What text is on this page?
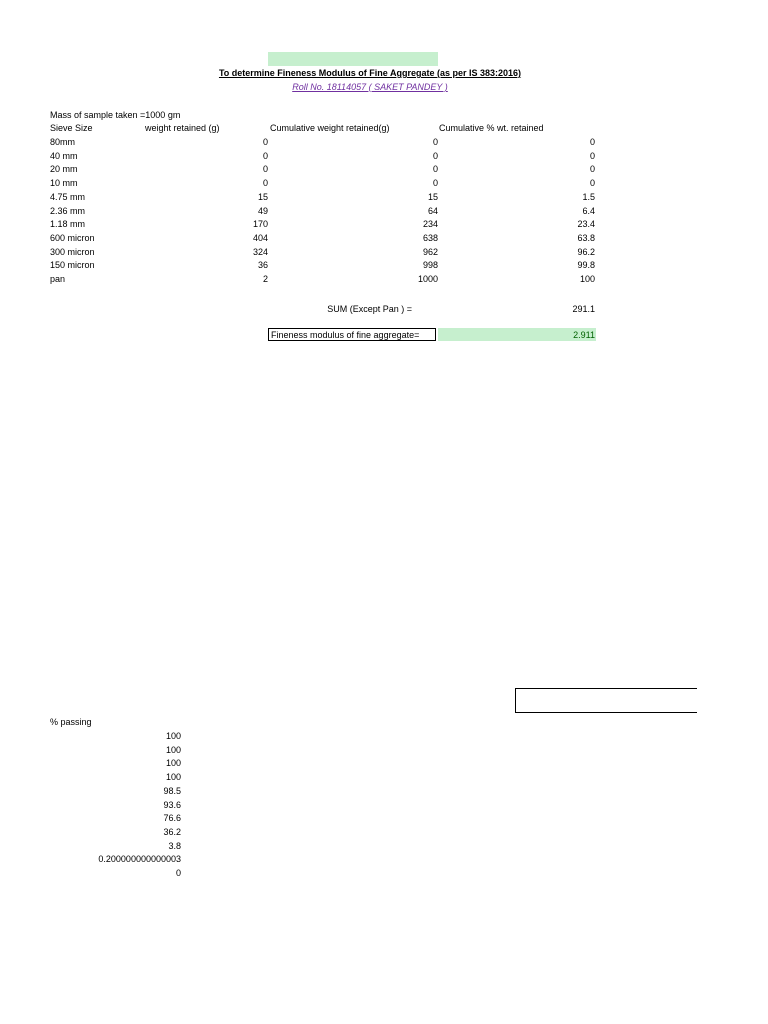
To determine Fineness Modulus of Fine Aggregate (as per IS 383:2016)
Roll No. 18114057 ( SAKET PANDEY )
Mass of sample taken =1000 gm
Sieve Size	weight retained (g)	Cumulative weight retained(g)	Cumulative % wt. retained
80mm	0	0	0
40 mm	0	0	0
20 mm	0	0	0
10 mm	0	0	0
4.75 mm	15	15	1.5
2.36 mm	49	64	6.4
1.18 mm	170	234	23.4
600 micron	404	638	63.8
300 micron	324	962	96.2
150 micron	36	998	99.8
pan	2	1000	100
SUM (Except Pan ) =	291.1
Fineness modulus of fine aggregate=	2.911
% passing
100
100
100
100
98.5
93.6
76.6
36.2
3.8
0.200000000000003
0
